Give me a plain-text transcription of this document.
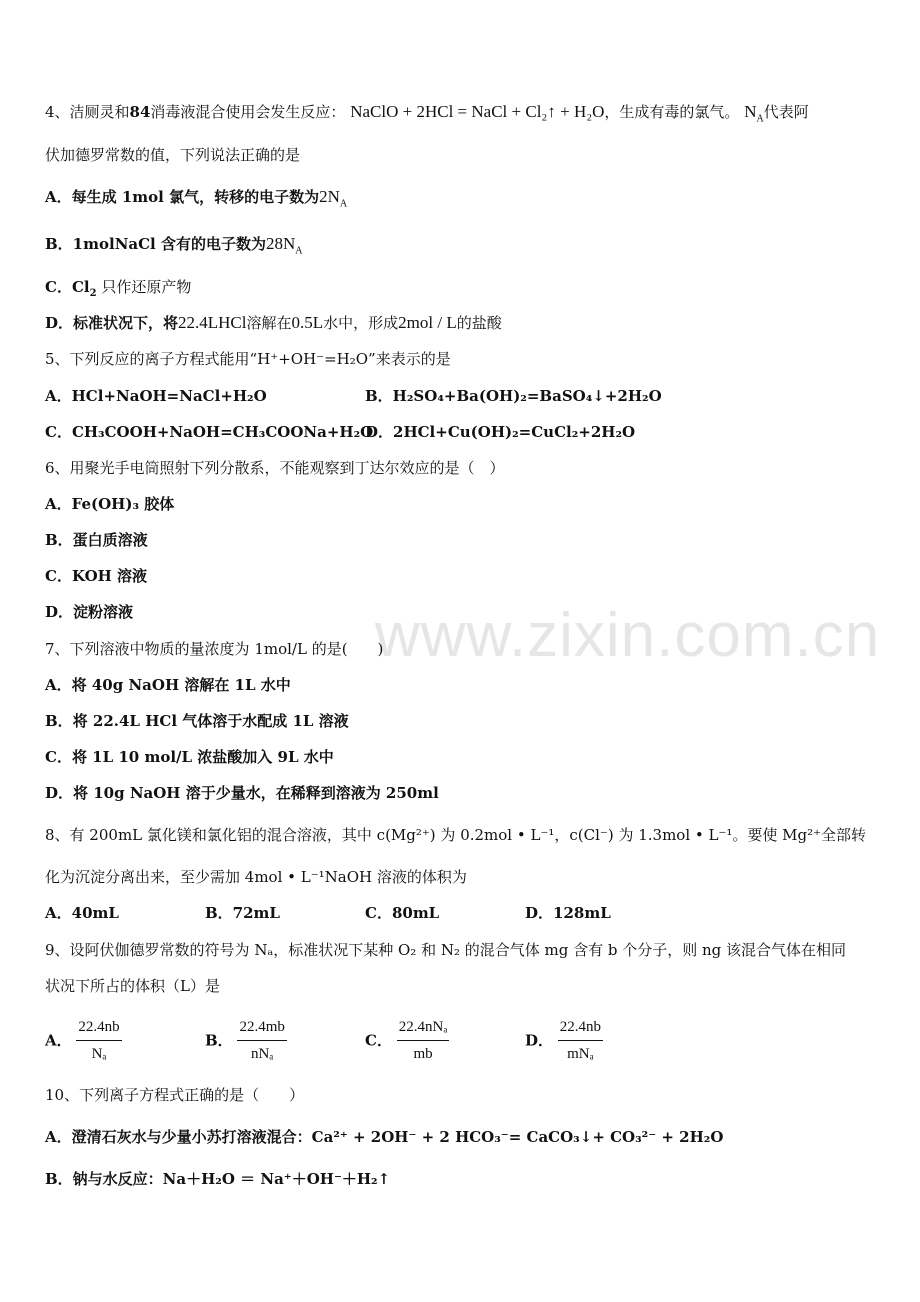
4、洁厕灵和84消毒液混合使用会发生反应： NaClO + 2HCl = NaCl + Cl₂↑ + H₂O，生成有毒的氯气。 $N_A$代表阿
伏加德罗常数的值，下列说法正确的是
A．每生成 1mol 氯气，转移的电子数为$2N_A$
B．1molNaCl 含有的电子数为$28N_A$
C．$Cl_2$ 只作还原产物
D．标准状况下，将22.4LHCl溶解在0.5L水中，形成2mol / L的盐酸
5、下列反应的离子方程式能用“H⁺+OH⁻=H₂O”来表示的是
A．HCl+NaOH=NaCl+H₂O	B．H₂SO₄+Ba(OH)₂=BaSO₄↓+2H₂O
C．CH₃COOH+NaOH=CH₃COONa+H₂O
D．2HCl+Cu(OH)₂=CuCl₂+2H₂O
6、用聚光手电筒照射下列分散系，不能观察到丁达尔效应的是（　）
A．Fe(OH)₃ 胶体
B．蛋白质溶液
C．KOH 溶液
D．淀粉溶液	www.zixin.com.cn
7、下列溶液中物质的量浓度为 1mol/L 的是(　　)
A．将 40g NaOH 溶解在 1L 水中
B．将 22.4L HCl 气体溶于水配成 1L 溶液
C．将 1L 10 mol/L 浓盐酸加入 9L 水中
D．将 10g NaOH 溶于少量水，在稀释到溶液为 250ml
8、有 200mL 氯化镁和氯化铝的混合溶液，其中 c(Mg²⁺) 为 0.2mol • L⁻¹，c(Cl⁻) 为 1.3mol • L⁻¹。要使 Mg²⁺全部转
化为沉淀分离出来，至少需加 4mol • L⁻¹NaOH 溶液的体积为
A．40mL	B．72mL	C．80mL	D．128mL
9、设阿伏伽德罗常数的符号为 Nₐ，标准状况下某种 O₂ 和 N₂ 的混合气体 mg 含有 b 个分子，则 ng 该混合气体在相同
状况下所占的体积（L）是
A． $\frac{22.4nb}{\text{Nₐ}}$	B． $\frac{22.4mb}{\text{nNₐ}}$	C． $\frac{\text{22.4nNₐ}}{mb}$	D． $\frac{22.4nb}{\text{mNₐ}}$
10、下列离子方程式正确的是（　　）
A．澄清石灰水与少量小苏打溶液混合：Ca²⁺ + 2OH⁻ + 2 HCO₃⁻= CaCO₃↓+ CO₃²⁻ + 2H₂O
B．钠与水反应：Na＋H₂O ＝ Na⁺＋OH⁻＋H₂↑
